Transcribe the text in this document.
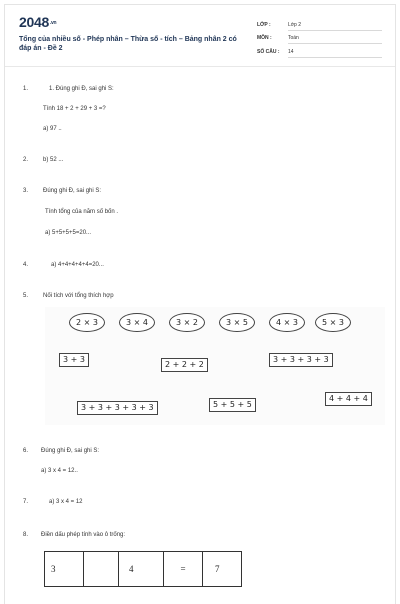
2048.vn
Tổng của nhiều số - Phép nhân – Thừa số - tích – Bảng nhân 2 có đáp án - Đề 2
LỚP :	Lớp 2
MÔN :	Toán
SỐ CÂU : 14
1.	1. Đúng ghi Đ, sai ghi S:
Tính 18 + 2 + 29 + 3 =?
a) 97 ..
2. b) 52 ...
3. Đúng ghi Đ, sai ghi S:
Tính tổng của năm số bốn .
a) 5+5+5+5=20...
4.	a) 4+4+4+4+4=20...
5. Nối tích với tổng thích hợp
2 × 3	3 × 4	3 × 2	3 × 5	4 × 3	5 × 3
3 + 3
2 + 2 + 2
3 + 3 + 3 + 3
4 + 4 + 4
3 + 3 + 3 + 3 + 3	5 + 5 + 5
6. Đúng ghi Đ, sai ghi S:
a) 3 x 4 = 12..
7.	a) 3 x 4 = 12
8. Điền dấu phép tính vào ô trống:
3		4	=	7
